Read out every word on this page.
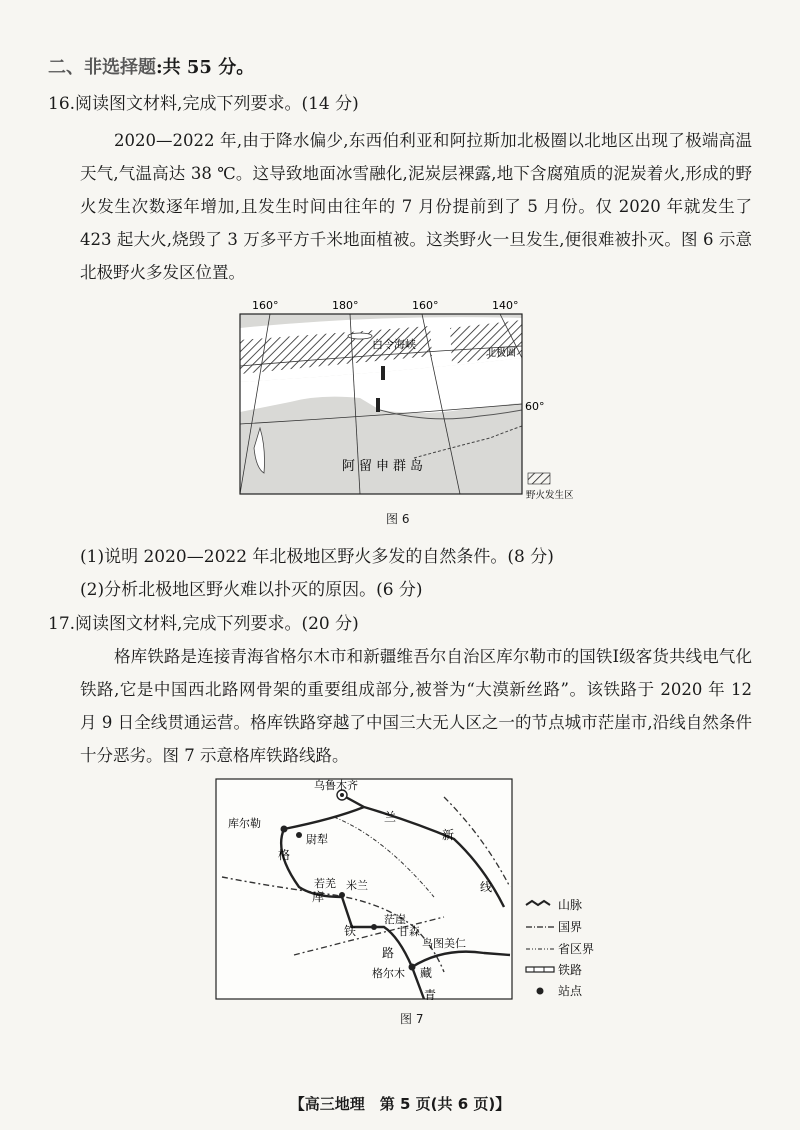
二、非选择题:共 55 分。
16.阅读图文材料,完成下列要求。(14 分)
2020—2022 年,由于降水偏少,东西伯利亚和阿拉斯加北极圈以北地区出现了极端高温天气,气温高达 38 ℃。这导致地面冰雪融化,泥炭层裸露,地下含腐殖质的泥炭着火,形成的野火发生次数逐年增加,且发生时间由往年的 7 月份提前到了 5 月份。仅 2020 年就发生了 423 起大火,烧毁了 3 万多平方千米地面植被。这类野火一旦发生,便很难被扑灭。图 6 示意北极野火多发区位置。
160°	180°	160°	140°
白令海峡
北极圈
60°
阿留申群岛
野火发生区
图 6
(1)说明 2020—2022 年北极地区野火多发的自然条件。(8 分)
(2)分析北极地区野火难以扑灭的原因。(6 分)
17.阅读图文材料,完成下列要求。(20 分)
格库铁路是连接青海省格尔木市和新疆维吾尔自治区库尔勒市的国铁Ⅰ级客货共线电气化铁路,它是中国西北路网骨架的重要组成部分,被誉为“大漠新丝路”。该铁路于 2020 年 12 月 9 日全线贯通运营。格库铁路穿越了中国三大无人区之一的节点城市茫崖市,沿线自然条件十分恶劣。图 7 示意格库铁路线路。
乌鲁木齐
库尔勒
尉犁
若羌 米兰
茫崖
甘森
乌图美仁
格尔木
格
库
铁
路
兰
新
线
藏
青
山脉
国界
省区界
铁路
站点
图 7
【高三地理　第 5 页(共 6 页)】
